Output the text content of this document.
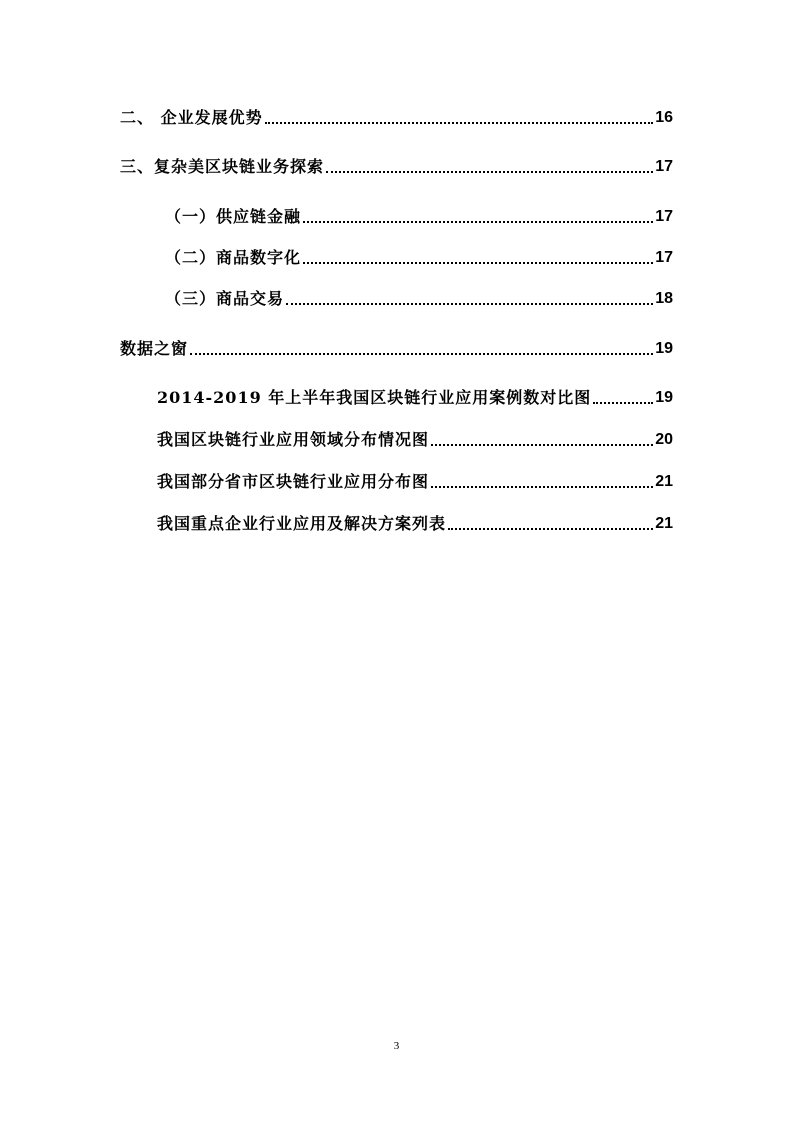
二、 企业发展优势	16
三、复杂美区块链业务探索	17
（一）供应链金融	17
（二）商品数字化	17
（三）商品交易	18
数据之窗	19
2014-2019 年上半年我国区块链行业应用案例数对比图	19
我国区块链行业应用领域分布情况图	20
我国部分省市区块链行业应用分布图	21
我国重点企业行业应用及解决方案列表	21
3
